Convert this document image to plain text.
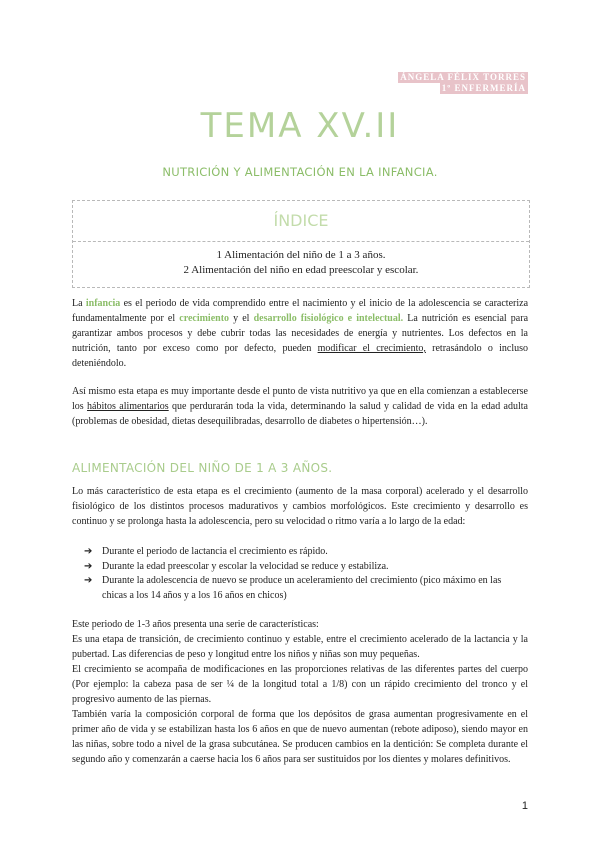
ÁNGELA FÉLIX TORRES
1º ENFERMERÍA
TEMA XV.II
NUTRICIÓN Y ALIMENTACIÓN EN LA INFANCIA.
ÍNDICE
1 Alimentación del niño de 1 a 3 años.
2 Alimentación del niño en edad preescolar y escolar.
La infancia es el periodo de vida comprendido entre el nacimiento y el inicio de la adolescencia se caracteriza fundamentalmente por el crecimiento y el desarrollo fisiológico e intelectual. La nutrición es esencial para garantizar ambos procesos y debe cubrir todas las necesidades de energía y nutrientes. Los defectos en la nutrición, tanto por exceso como por defecto, pueden modificar el crecimiento, retrasándolo o incluso deteniéndolo.
Así mismo esta etapa es muy importante desde el punto de vista nutritivo ya que en ella comienzan a establecerse los hábitos alimentarios que perdurarán toda la vida, determinando la salud y calidad de vida en la edad adulta (problemas de obesidad, dietas desequilibradas, desarrollo de diabetes o hipertensión…).
ALIMENTACIÓN DEL NIÑO DE 1 A 3 AÑOS.
Lo más característico de esta etapa es el crecimiento (aumento de la masa corporal) acelerado y el desarrollo fisiológico de los distintos procesos madurativos y cambios morfológicos. Este crecimiento y desarrollo es continuo y se prolonga hasta la adolescencia, pero su velocidad o ritmo varía a lo largo de la edad:
➔ Durante el periodo de lactancia el crecimiento es rápido.
➔ Durante la edad preescolar y escolar la velocidad se reduce y estabiliza.
➔ Durante la adolescencia de nuevo se produce un aceleramiento del crecimiento (pico máximo en las chicas a los 14 años y a los 16 años en chicos)
Este periodo de 1-3 años presenta una serie de características:
Es una etapa de transición, de crecimiento continuo y estable, entre el crecimiento acelerado de la lactancia y la pubertad. Las diferencias de peso y longitud entre los niños y niñas son muy pequeñas.
El crecimiento se acompaña de modificaciones en las proporciones relativas de las diferentes partes del cuerpo (Por ejemplo: la cabeza pasa de ser ¼ de la longitud total a 1/8) con un rápido crecimiento del tronco y el progresivo aumento de las piernas.
También varía la composición corporal de forma que los depósitos de grasa aumentan progresivamente en el primer año de vida y se estabilizan hasta los 6 años en que de nuevo aumentan (rebote adiposo), siendo mayor en las niñas, sobre todo a nivel de la grasa subcutánea. Se producen cambios en la dentición: Se completa durante el segundo año y comenzarán a caerse hacia los 6 años para ser sustituidos por los dientes y molares definitivos.
1
